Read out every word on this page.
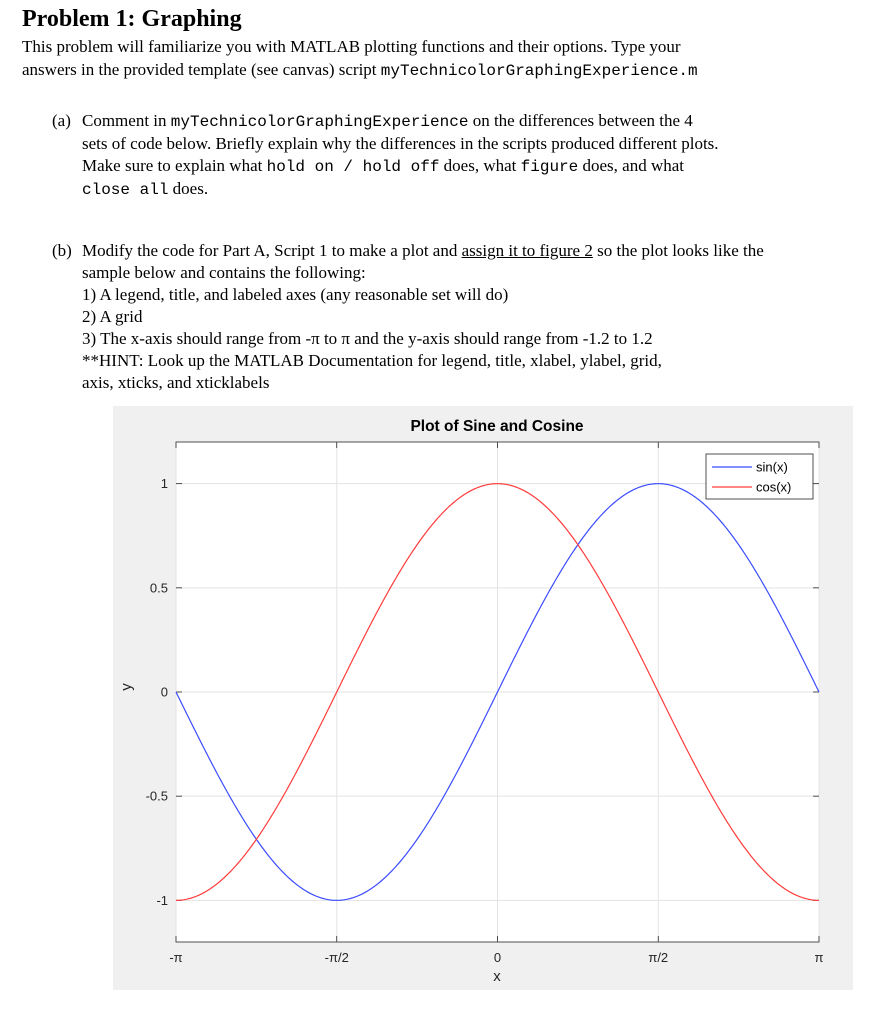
Problem 1: Graphing
This problem will familiarize you with MATLAB plotting functions and their options. Type your
answers in the provided template (see canvas) script myTechnicolorGraphingExperience.m
(a) Comment in myTechnicolorGraphingExperience on the differences between the 4
sets of code below. Briefly explain why the differences in the scripts produced different plots.
Make sure to explain what hold on / hold off does, what figure does, and what
close all does.
(b) Modify the code for Part A, Script 1 to make a plot and assign it to figure 2 so the plot looks like the
sample below and contains the following:
1) A legend, title, and labeled axes (any reasonable set will do)
2) A grid
3) The x-axis should range from -π to π and the y-axis should range from -1.2 to 1.2
**HINT: Look up the MATLAB Documentation for legend, title, xlabel, ylabel, grid,
axis, xticks, and xticklabels
-π	-π/2	0	π/2	π
-1
-0.5
0
0.5
1
Plot of Sine and Cosine
x
y
sin(x)
cos(x)
